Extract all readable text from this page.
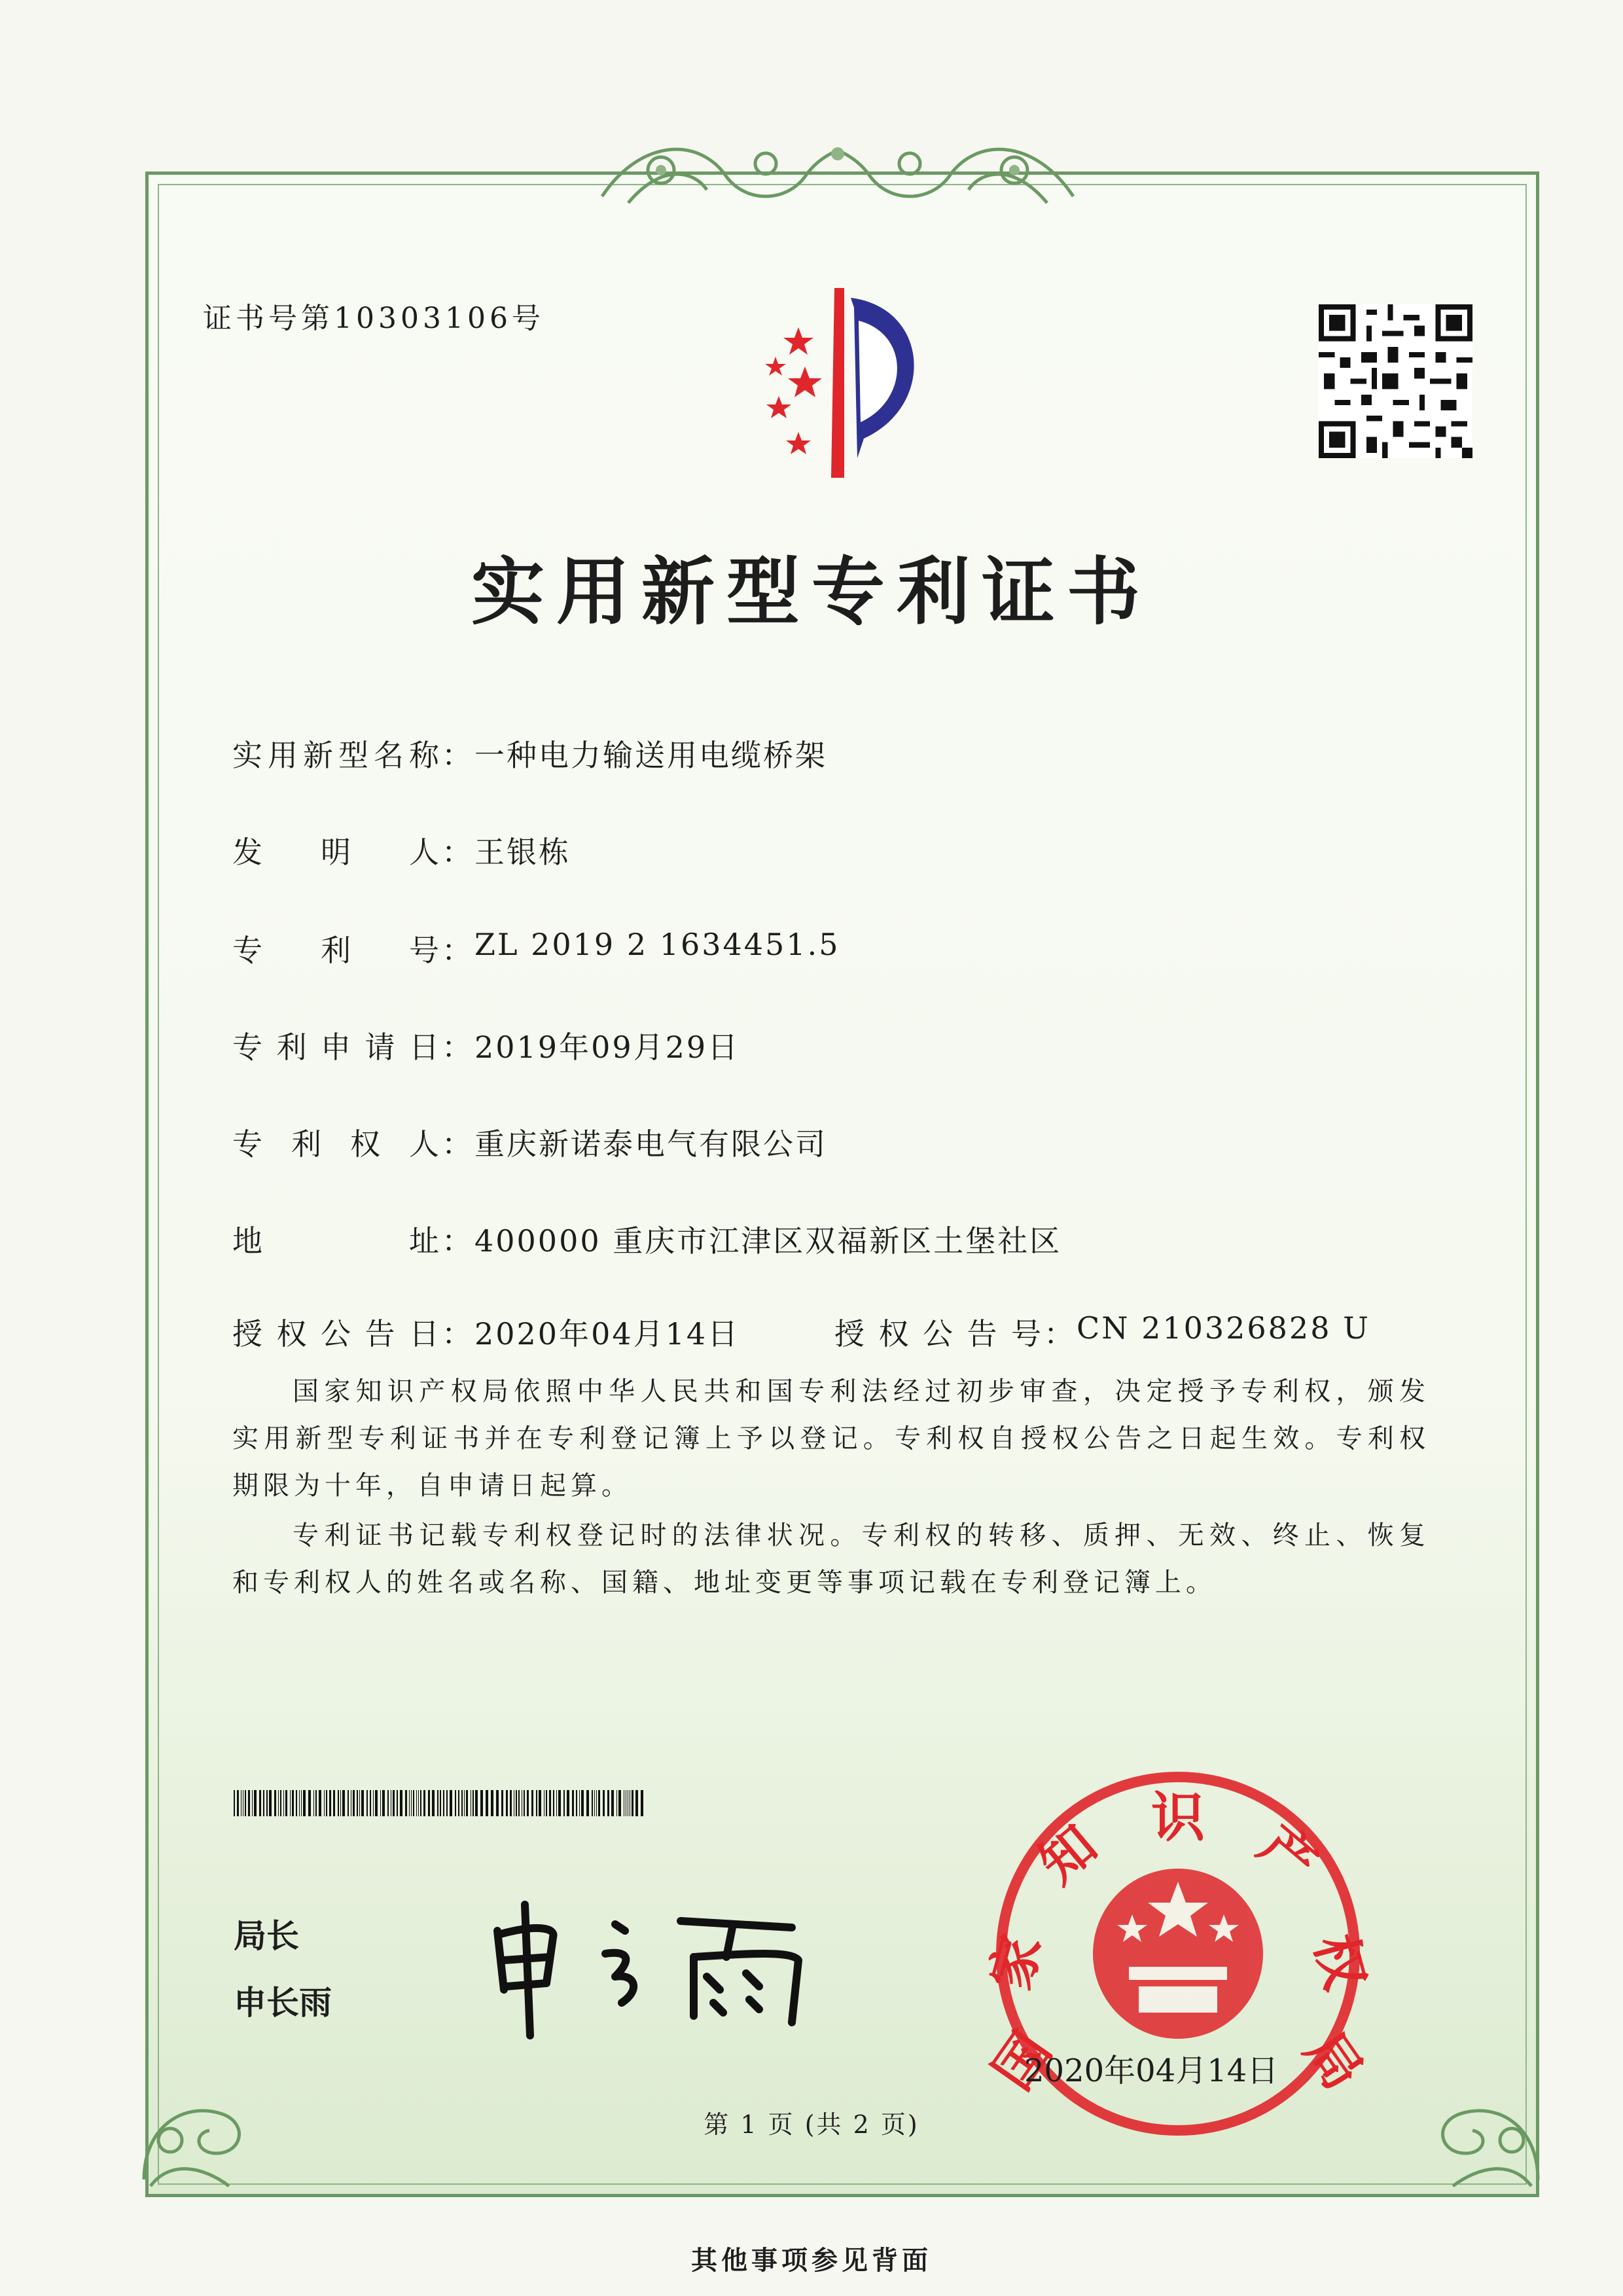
证书号第10303106号
实用新型专利证书
实用新型名称 ： 一种电力输送用电缆桥架
发明人 ： 王银栋
专利号 ： ZL 2019 2 1634451.5
专利申请日 ： 2019年09月29日
专利权人 ： 重庆新诺泰电气有限公司
地址 ： 400000 重庆市江津区双福新区土堡社区
授权公告日 ： 2020年04月14日	授权公告号 ： CN 210326828 U

国家知识产权局依照中华人民共和国专利法经过初步审查，决定授予专利权，颁发实用新型专利证书并在专利登记簿上予以登记。专利权自授权公告之日起生效。专利权期限为十年，自申请日起算。

专利证书记载专利权登记时的法律状况。专利权的转移、质押、无效、终止、恢复和专利权人的姓名或名称、国籍、地址变更等事项记载在专利登记簿上。

局长
申长雨
国
家
知 识 产
权
局
2020年04月14日
第 1 页 (共 2 页)
其他事项参见背面
